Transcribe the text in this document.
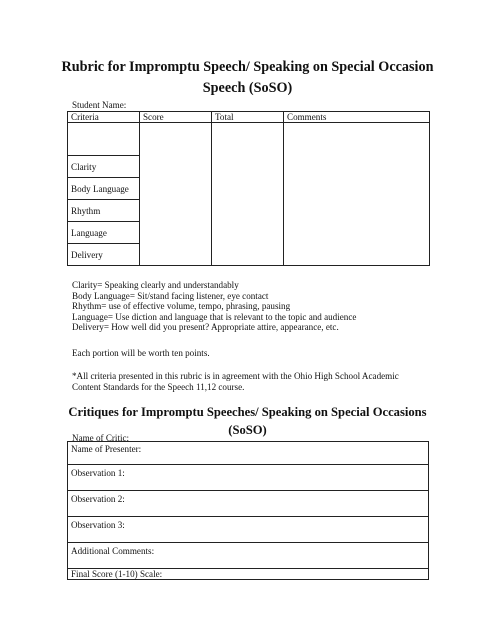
Rubric for Impromptu Speech/ Speaking on Special Occasion
Speech (SoSO)
Student Name:
Criteria	Score	Total	Comments

Clarity			
Body Language			
Rhythm			
Language			
Delivery			
Clarity= Speaking clearly and understandably
Body Language= Sit/stand facing listener, eye contact
Rhythm= use of effective volume, tempo, phrasing, pausing
Language= Use diction and language that is relevant to the topic and audience
Delivery= How well did you present? Appropriate attire, appearance, etc.
Each portion will be worth ten points.
*All criteria presented in this rubric is in agreement with the Ohio High School Academic
Content Standards for the Speech 11,12 course.
Critiques for Impromptu Speeches/ Speaking on Special Occasions
(SoSO)
Name of Critic:
Name of Presenter:
Observation 1:
Observation 2:
Observation 3:
Additional Comments:
Final Score (1-10) Scale:
